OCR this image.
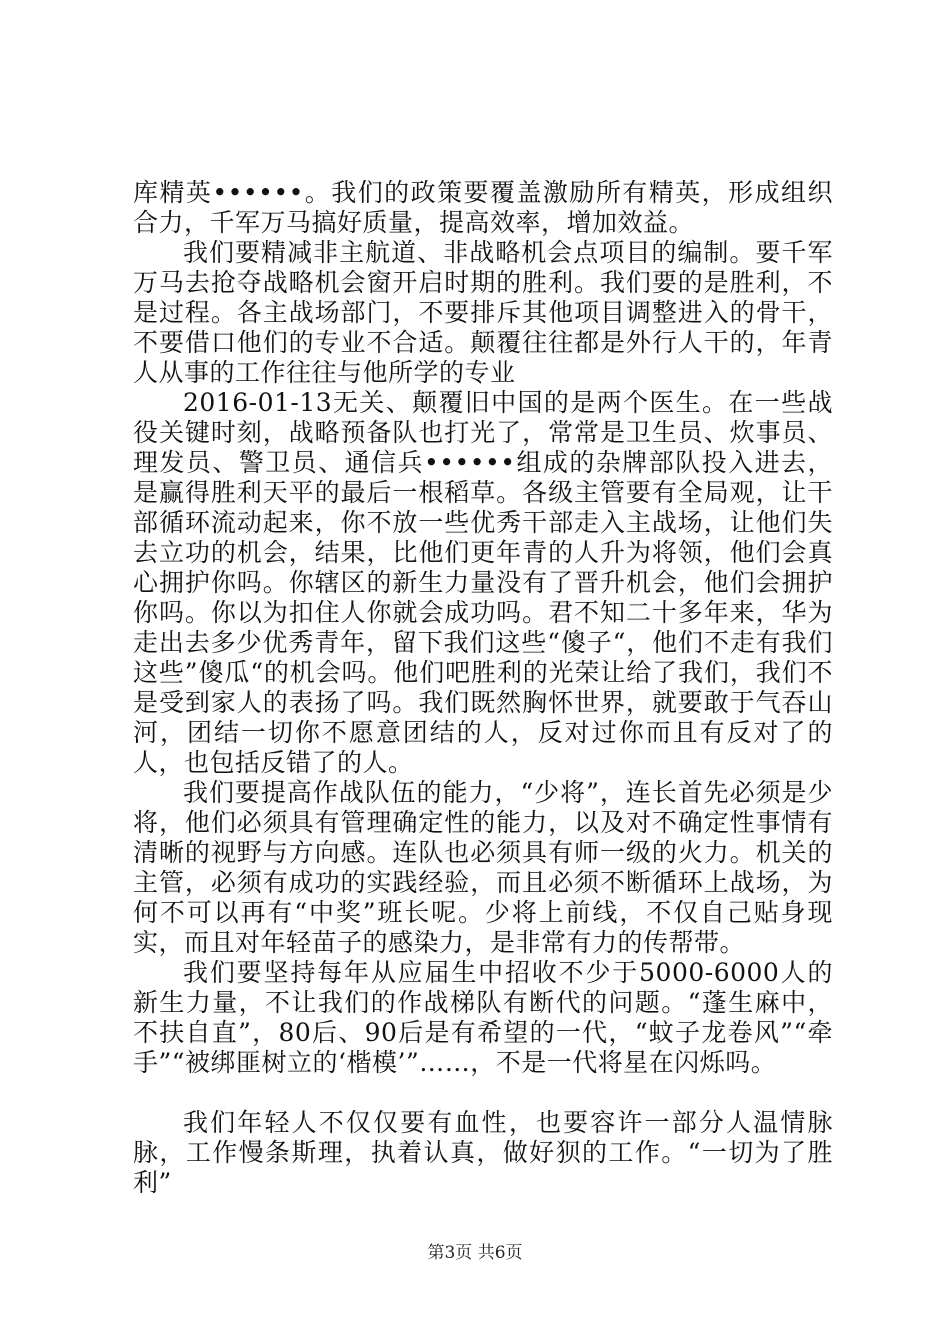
库精英••••••。我们的政策要覆盖激励所有精英，形成组织合力，千军万马搞好质量，提高效率，增加效益。

我们要精减非主航道、非战略机会点项目的编制。要千军万马去抢夺战略机会窗开启时期的胜利。我们要的是胜利，不是过程。各主战场部门，不要排斥其他项目调整进入的骨干，不要借口他们的专业不合适。颠覆往往都是外行人干的，年青人从事的工作往往与他所学的专业

2016-01-13无关、颠覆旧中国的是两个医生。在一些战役关键时刻，战略预备队也打光了，常常是卫生员、炊事员、理发员、警卫员、通信兵••••••组成的杂牌部队投入进去，是赢得胜利天平的最后一根稻草。各级主管要有全局观，让干部循环流动起来，你不放一些优秀干部走入主战场，让他们失去立功的机会，结果，比他们更年青的人升为将领，他们会真心拥护你吗。你辖区的新生力量没有了晋升机会，他们会拥护你吗。你以为扣住人你就会成功吗。君不知二十多年来，华为走出去多少优秀青年，留下我们这些“傻子“，他们不走有我们这些”傻瓜“的机会吗。他们吧胜利的光荣让给了我们，我们不是受到家人的表扬了吗。我们既然胸怀世界，就要敢于气吞山河，团结一切你不愿意团结的人，反对过你而且有反对了的人，也包括反错了的人。

我们要提高作战队伍的能力，“少将”，连长首先必须是少将，他们必须具有管理确定性的能力，以及对不确定性事情有清晰的视野与方向感。连队也必须具有师一级的火力。机关的主管，必须有成功的实践经验，而且必须不断循环上战场，为何不可以再有“中奖”班长呢。少将上前线，不仅自己贴身现实，而且对年轻苗子的感染力，是非常有力的传帮带。

我们要坚持每年从应届生中招收不少于5000-6000人的新生力量，不让我们的作战梯队有断代的问题。“蓬生麻中，不扶自直”，80后、90后是有希望的一代，“蚊子龙卷风”“牵手”“被绑匪树立的‘楷模’”……，不是一代将星在闪烁吗。

我们年轻人不仅仅要有血性，也要容许一部分人温情脉脉，工作慢条斯理，执着认真，做好狈的工作。“一切为了胜利”

第3页 共6页
